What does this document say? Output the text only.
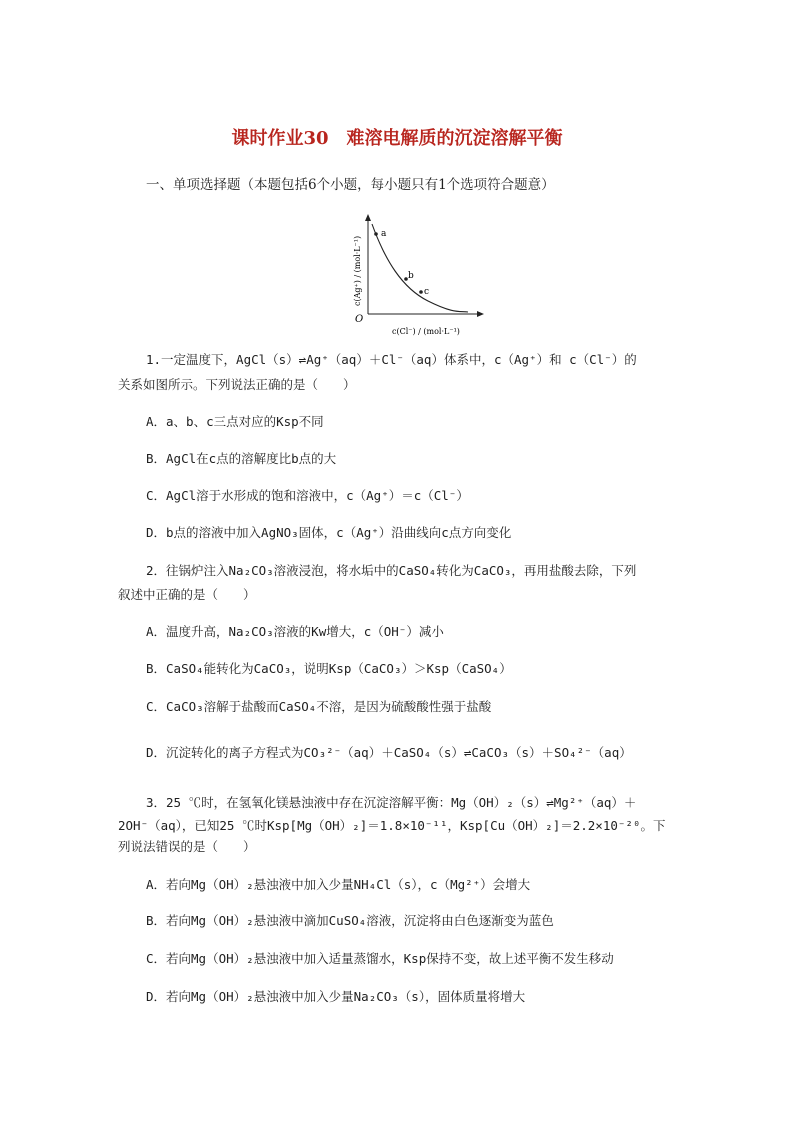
课时作业30　难溶电解质的沉淀溶解平衡
一、单项选择题（本题包括6个小题，每小题只有1个选项符合题意）
a
b
c
O
c(Cl⁻) / (mol·L⁻¹)
c(Ag⁺) / (mol·L⁻¹)
1.一定温度下，AgCl（s）⇌Ag⁺（aq）＋Cl⁻（aq）体系中，c（Ag⁺）和 c（Cl⁻）的
关系如图所示。下列说法正确的是（　　）
A．a、b、c三点对应的Ksp不同
B．AgCl在c点的溶解度比b点的大
C．AgCl溶于水形成的饱和溶液中，c（Ag⁺）＝c（Cl⁻）
D．b点的溶液中加入AgNO₃固体，c（Ag⁺）沿曲线向c点方向变化
2．往锅炉注入Na₂CO₃溶液浸泡，将水垢中的CaSO₄转化为CaCO₃，再用盐酸去除，下列
叙述中正确的是（　　）
A．温度升高，Na₂CO₃溶液的Kw增大，c（OH⁻）减小
B．CaSO₄能转化为CaCO₃，说明Ksp（CaCO₃）＞Ksp（CaSO₄）
C．CaCO₃溶解于盐酸而CaSO₄不溶，是因为硫酸酸性强于盐酸
D．沉淀转化的离子方程式为CO₃²⁻（aq）＋CaSO₄（s）⇌CaCO₃（s）＋SO₄²⁻（aq）
3．25 ℃时，在氢氧化镁悬浊液中存在沉淀溶解平衡：Mg（OH）₂（s）⇌Mg²⁺（aq）＋
2OH⁻（aq），已知25 ℃时Ksp[Mg（OH）₂]＝1.8×10⁻¹¹，Ksp[Cu（OH）₂]＝2.2×10⁻²⁰。下
列说法错误的是（　　）
A．若向Mg（OH）₂悬浊液中加入少量NH₄Cl（s），c（Mg²⁺）会增大
B．若向Mg（OH）₂悬浊液中滴加CuSO₄溶液，沉淀将由白色逐渐变为蓝色
C．若向Mg（OH）₂悬浊液中加入适量蒸馏水，Ksp保持不变，故上述平衡不发生移动
D．若向Mg（OH）₂悬浊液中加入少量Na₂CO₃（s），固体质量将增大
